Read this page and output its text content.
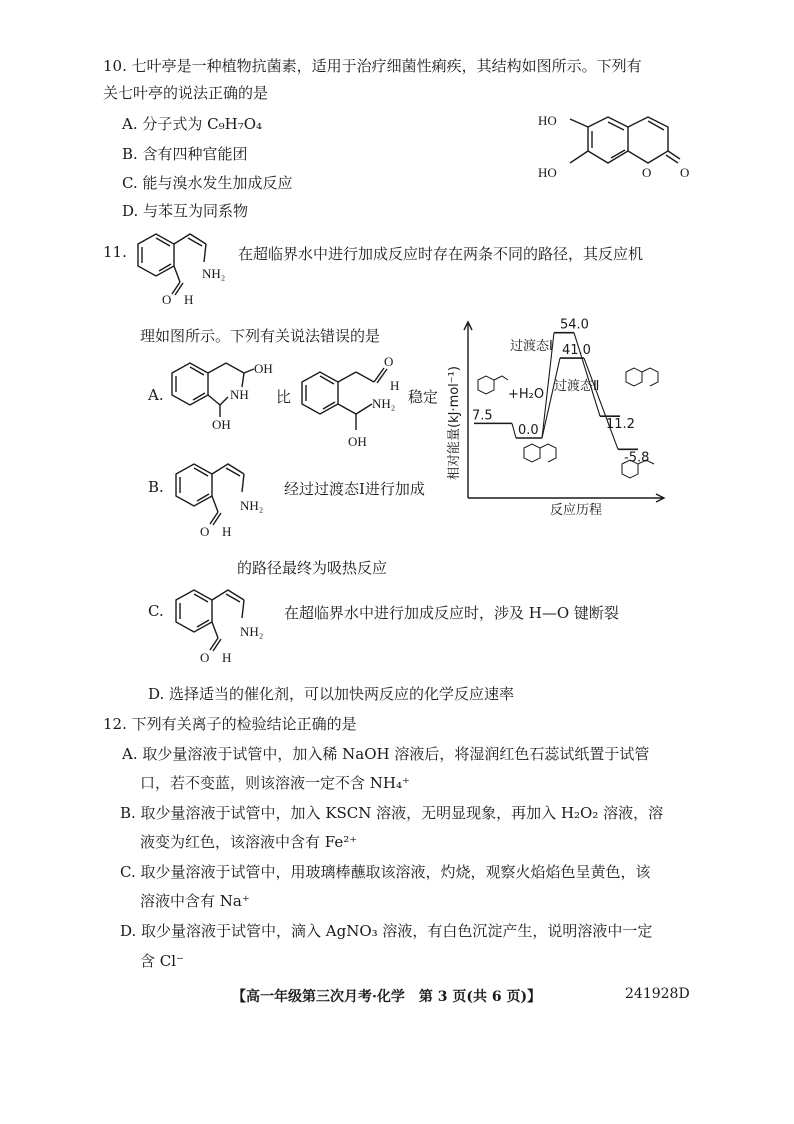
10. 七叶亭是一种植物抗菌素，适用于治疗细菌性痢疾，其结构如图所示。下列有
关七叶亭的说法正确的是
A. 分子式为 C₉H₇O₄
B. 含有四种官能团
C. 能与溴水发生加成反应
D. 与苯互为同系物
HO
HO	O O
11.
NH₂
O H
在超临界水中进行加成反应时存在两条不同的路径，其反应机
理如图所示。下列有关说法错误的是
A.
OH
NH
OH
比
O
H
NH₂
OH
稳定
B.
NH₂
O H
经过过渡态Ⅰ进行加成
的路径最终为吸热反应
C.
NH₂
O H
在超临界水中进行加成反应时，涉及 H—O 键断裂
D. 选择适当的催化剂，可以加快两反应的化学反应速率
7.5
0.0
54.0
41.0
11.2
-5.8
相对能量(kJ·mol⁻¹)
反应历程
过渡态Ⅰ
过渡态Ⅱ
+H₂O
12. 下列有关离子的检验结论正确的是
A. 取少量溶液于试管中，加入稀 NaOH 溶液后，将湿润红色石蕊试纸置于试管
口，若不变蓝，则该溶液一定不含 NH₄⁺
B. 取少量溶液于试管中，加入 KSCN 溶液，无明显现象，再加入 H₂O₂ 溶液，溶
液变为红色，该溶液中含有 Fe²⁺
C. 取少量溶液于试管中，用玻璃棒蘸取该溶液，灼烧，观察火焰焰色呈黄色，该
溶液中含有 Na⁺
D. 取少量溶液于试管中，滴入 AgNO₃ 溶液，有白色沉淀产生，说明溶液中一定
含 Cl⁻
【高一年级第三次月考·化学　第 3 页(共 6 页)】	241928D
